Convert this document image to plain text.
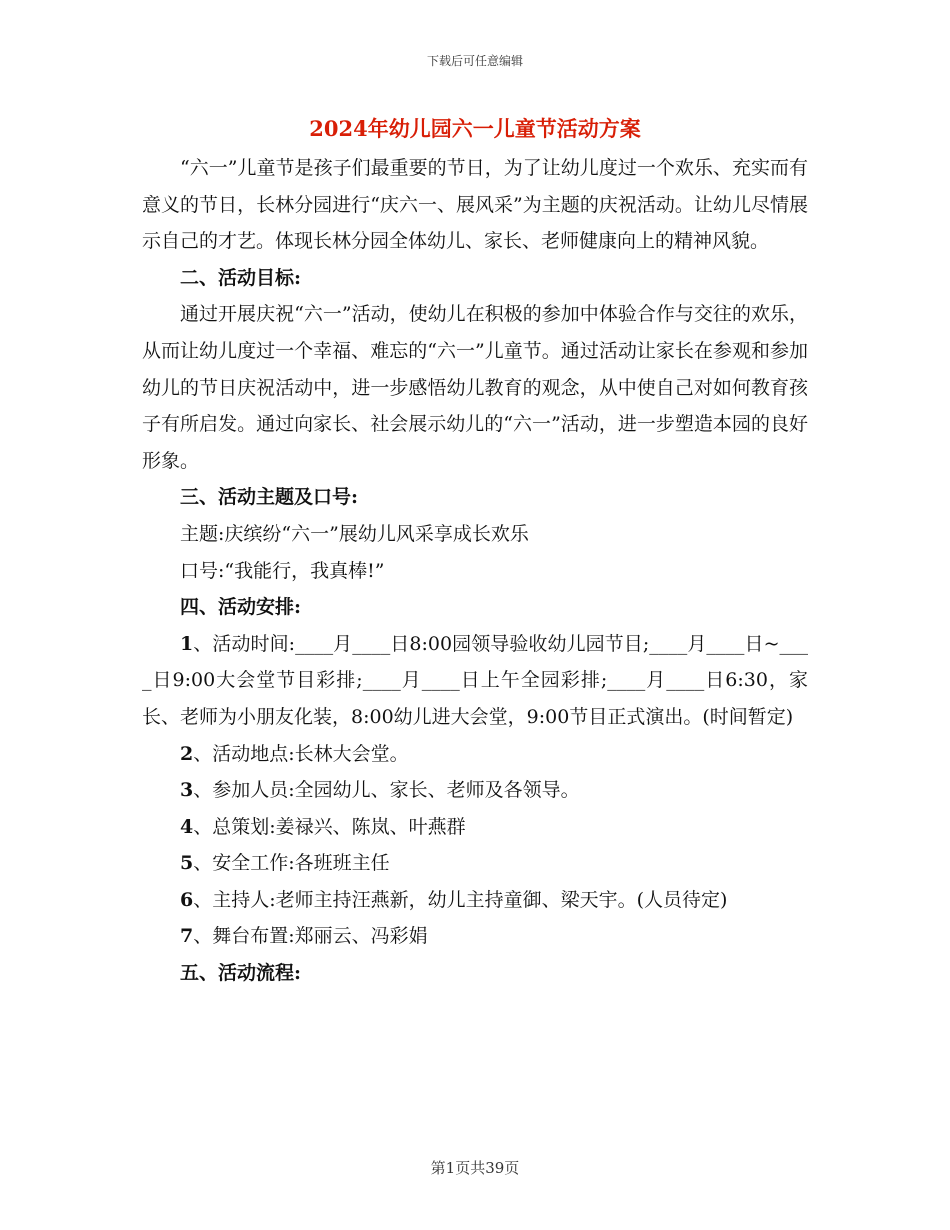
下载后可任意编辑
2024年幼儿园六一儿童节活动方案

“六一”儿童节是孩子们最重要的节日，为了让幼儿度过一个欢乐、充实而有意义的节日，长林分园进行“庆六一、展风采”为主题的庆祝活动。让幼儿尽情展示自己的才艺。体现长林分园全体幼儿、家长、老师健康向上的精神风貌。

二、活动目标:

通过开展庆祝“六一”活动，使幼儿在积极的参加中体验合作与交往的欢乐，从而让幼儿度过一个幸福、难忘的“六一”儿童节。通过活动让家长在参观和参加幼儿的节日庆祝活动中，进一步感悟幼儿教育的观念，从中使自己对如何教育孩子有所启发。通过向家长、社会展示幼儿的“六一”活动，进一步塑造本园的良好形象。

三、活动主题及口号:

主题:庆缤纷“六一”展幼儿风采享成长欢乐

口号:“我能行，我真棒!”

四、活动安排:

1、活动时间:____月____日8:00园领导验收幼儿园节目;____月____日~____日9:00大会堂节目彩排;____月____日上午全园彩排;____月____日6:30，家长、老师为小朋友化装，8:00幼儿进大会堂，9:00节目正式演出。(时间暂定)

2、活动地点:长林大会堂。

3、参加人员:全园幼儿、家长、老师及各领导。

4、总策划:姜禄兴、陈岚、叶燕群

5、安全工作:各班班主任

6、主持人:老师主持汪燕新，幼儿主持童御、梁天宇。(人员待定)

7、舞台布置:郑丽云、冯彩娟

五、活动流程:

第1页共39页
